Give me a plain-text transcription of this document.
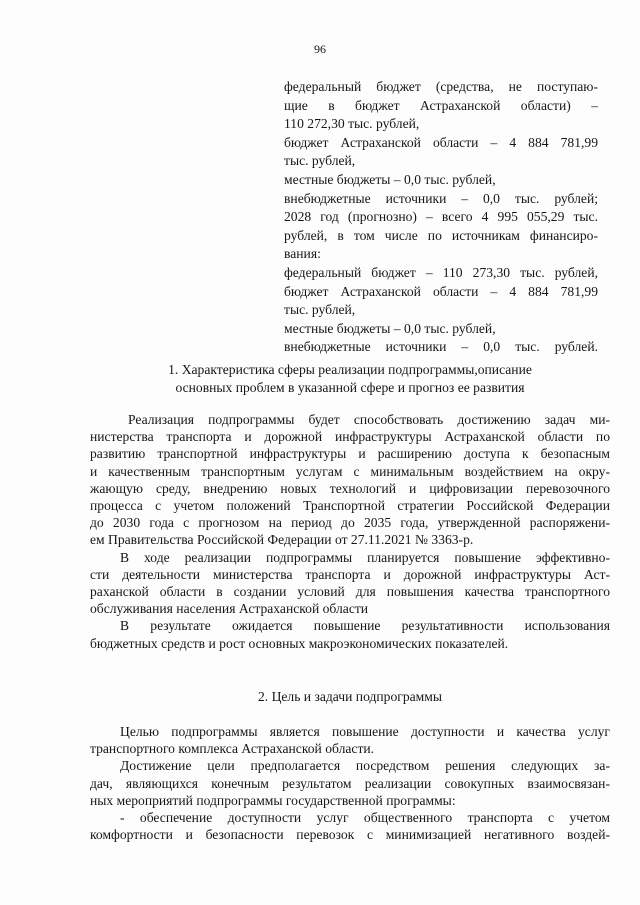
96
федеральный бюджет (средства, не поступаю-
щие в бюджет Астраханской области) –
110 272,30 тыс. рублей,
бюджет Астраханской области – 4 884 781,99
тыс. рублей,
местные бюджеты – 0,0 тыс. рублей,
внебюджетные источники – 0,0 тыс. рублей;
2028 год (прогнозно) – всего 4 995 055,29 тыс.
рублей, в том числе по источникам финансиро-
вания:
федеральный бюджет – 110 273,30 тыс. рублей,
бюджет Астраханской области – 4 884 781,99
тыс. рублей,
местные бюджеты – 0,0 тыс. рублей,
внебюджетные источники – 0,0 тыс. рублей.
1. Характеристика сферы реализации подпрограммы,описание
основных проблем в указанной сфере и прогноз ее развития
Реализация подпрограммы будет способствовать достижению задач ми-
нистерства транспорта и дорожной инфраструктуры Астраханской области по
развитию транспортной инфраструктуры и расширению доступа к безопасным
и качественным транспортным услугам с минимальным воздействием на окру-
жающую среду, внедрению новых технологий и цифровизации перевозочного
процесса с учетом положений Транспортной стратегии Российской Федерации
до 2030 года с прогнозом на период до 2035 года, утвержденной распоряжени-
ем Правительства Российской Федерации от 27.11.2021 № 3363-р.
В ходе реализации подпрограммы планируется повышение эффективно-
сти деятельности министерства транспорта и дорожной инфраструктуры Аст-
раханской области в создании условий для повышения качества транспортного
обслуживания населения Астраханской области
В результате ожидается повышение результативности использования
бюджетных средств и рост основных макроэкономических показателей.
2. Цель и задачи подпрограммы
Целью подпрограммы является повышение доступности и качества услуг
транспортного комплекса Астраханской области.
Достижение цели предполагается посредством решения следующих за-
дач, являющихся конечным результатом реализации совокупных взаимосвязан-
ных мероприятий подпрограммы государственной программы:
- обеспечение доступности услуг общественного транспорта с учетом
комфортности и безопасности перевозок с минимизацией негативного воздей-
